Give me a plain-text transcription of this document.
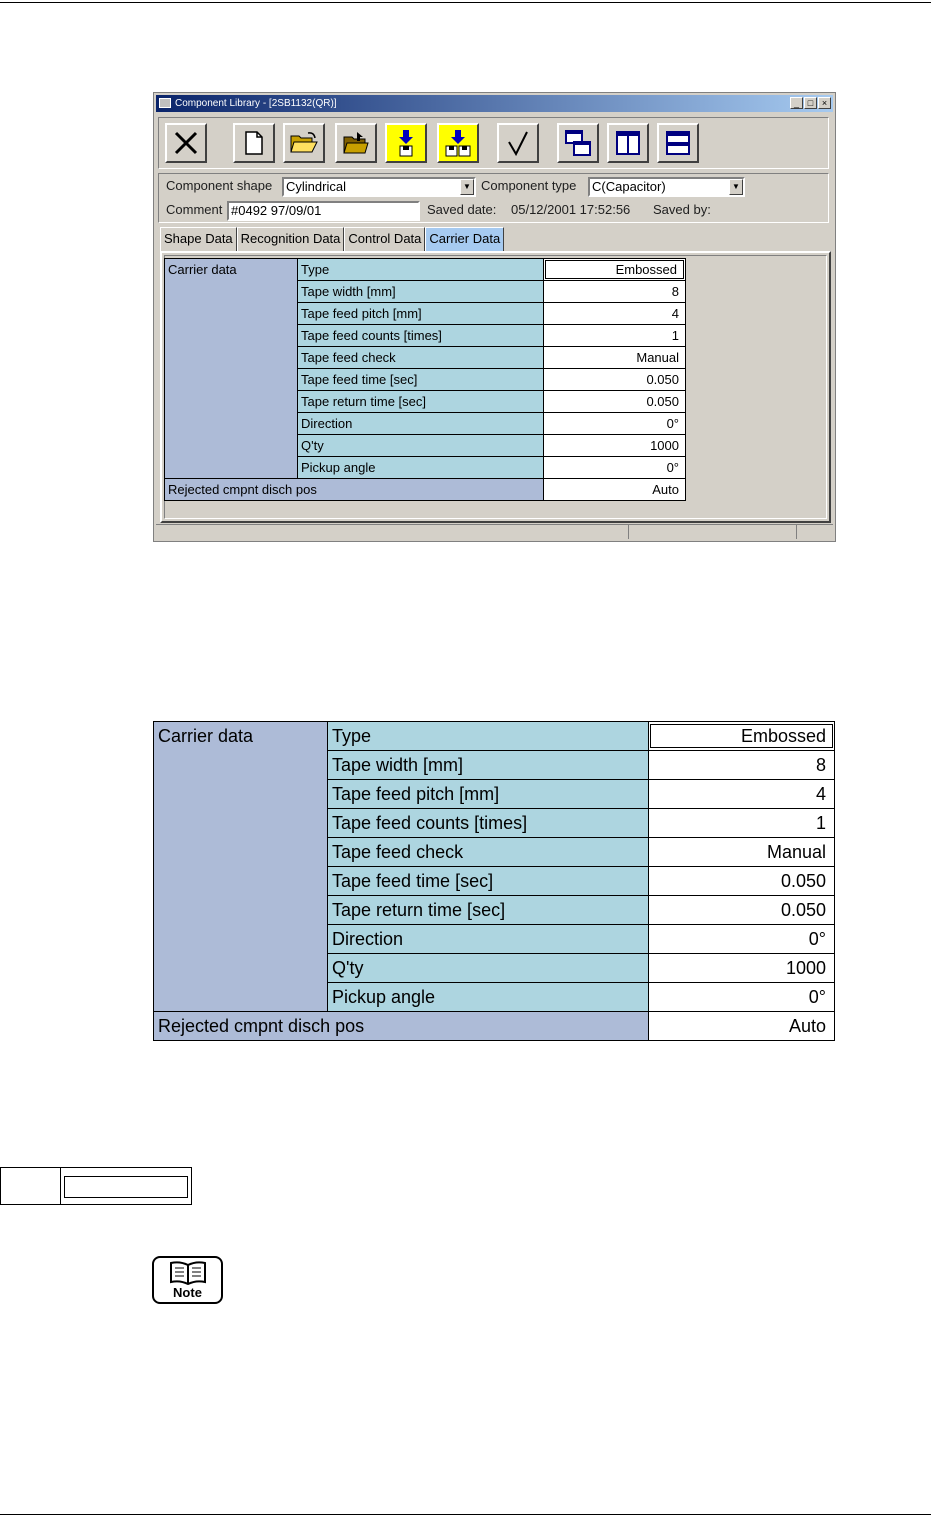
Component Library - [2SB1132(QR)]	_ □ ×
Component shape	Cylindrical	▼ Component type	C(Capacitor)	▼
Comment #0492 97/09/01	Saved date: 05/12/2001 17:52:56 Saved by:
Shape Data Recognition Data Control Data Carrier Data
Carrier data	Type	Embossed

	Tape width [mm]	8
	Tape feed pitch [mm]	4
	Tape feed counts [times]	1
	Tape feed check	Manual
	Tape feed time [sec]	0.050
	Tape return time [sec]	0.050
	Direction	0°
	Q'ty	1000
	Pickup angle	0°
Rejected cmpnt disch pos		Auto
Carrier data	Type	Embossed

	Tape width [mm]	8
	Tape feed pitch [mm]	4
	Tape feed counts [times]	1
	Tape feed check	Manual
	Tape feed time [sec]	0.050
	Tape return time [sec]	0.050
	Direction	0°
	Q'ty	1000
	Pickup angle	0°
Rejected cmpnt disch pos		Auto
Note
